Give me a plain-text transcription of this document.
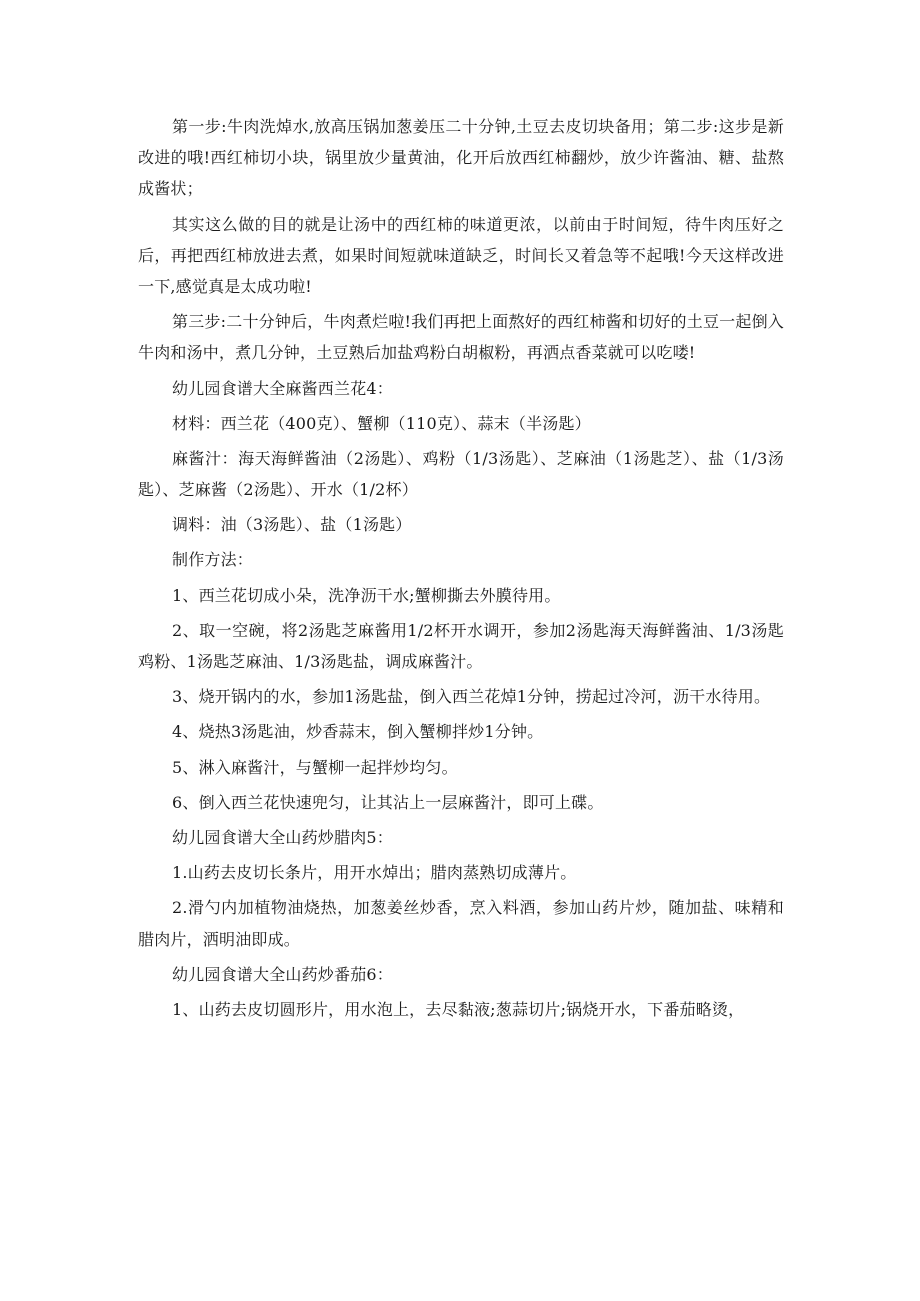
第一步:牛肉洗焯水,放高压锅加葱姜压二十分钟,土豆去皮切块备用；第二步:这步是新改进的哦!西红柿切小块，锅里放少量黄油，化开后放西红柿翻炒，放少许酱油、糖、盐熬成酱状；

其实这么做的目的就是让汤中的西红柿的味道更浓，以前由于时间短，待牛肉压好之后，再把西红柿放进去煮，如果时间短就味道缺乏，时间长又着急等不起哦!今天这样改进一下,感觉真是太成功啦!

第三步:二十分钟后，牛肉煮烂啦!我们再把上面熬好的西红柿酱和切好的土豆一起倒入牛肉和汤中，煮几分钟，土豆熟后加盐鸡粉白胡椒粉，再洒点香菜就可以吃喽!

幼儿园食谱大全麻酱西兰花4：

材料：西兰花（400克）、蟹柳（110克）、蒜末（半汤匙）

麻酱汁：海天海鲜酱油（2汤匙）、鸡粉（1/3汤匙）、芝麻油（1汤匙芝）、盐（1/3汤匙）、芝麻酱（2汤匙）、开水（1/2杯）

调料：油（3汤匙）、盐（1汤匙）

制作方法：

1、西兰花切成小朵，洗净沥干水;蟹柳撕去外膜待用。

2、取一空碗，将2汤匙芝麻酱用1/2杯开水调开，参加2汤匙海天海鲜酱油、1/3汤匙鸡粉、1汤匙芝麻油、1/3汤匙盐，调成麻酱汁。

3、烧开锅内的水，参加1汤匙盐，倒入西兰花焯1分钟，捞起过冷河，沥干水待用。

4、烧热3汤匙油，炒香蒜末，倒入蟹柳拌炒1分钟。

5、淋入麻酱汁，与蟹柳一起拌炒均匀。

6、倒入西兰花快速兜匀，让其沾上一层麻酱汁，即可上碟。

幼儿园食谱大全山药炒腊肉5：

1.山药去皮切长条片，用开水焯出；腊肉蒸熟切成薄片。

2.滑勺内加植物油烧热，加葱姜丝炒香，烹入料酒，参加山药片炒，随加盐、味精和腊肉片，洒明油即成。

幼儿园食谱大全山药炒番茄6：

1、山药去皮切圆形片，用水泡上，去尽黏液;葱蒜切片;锅烧开水，下番茄略烫，
